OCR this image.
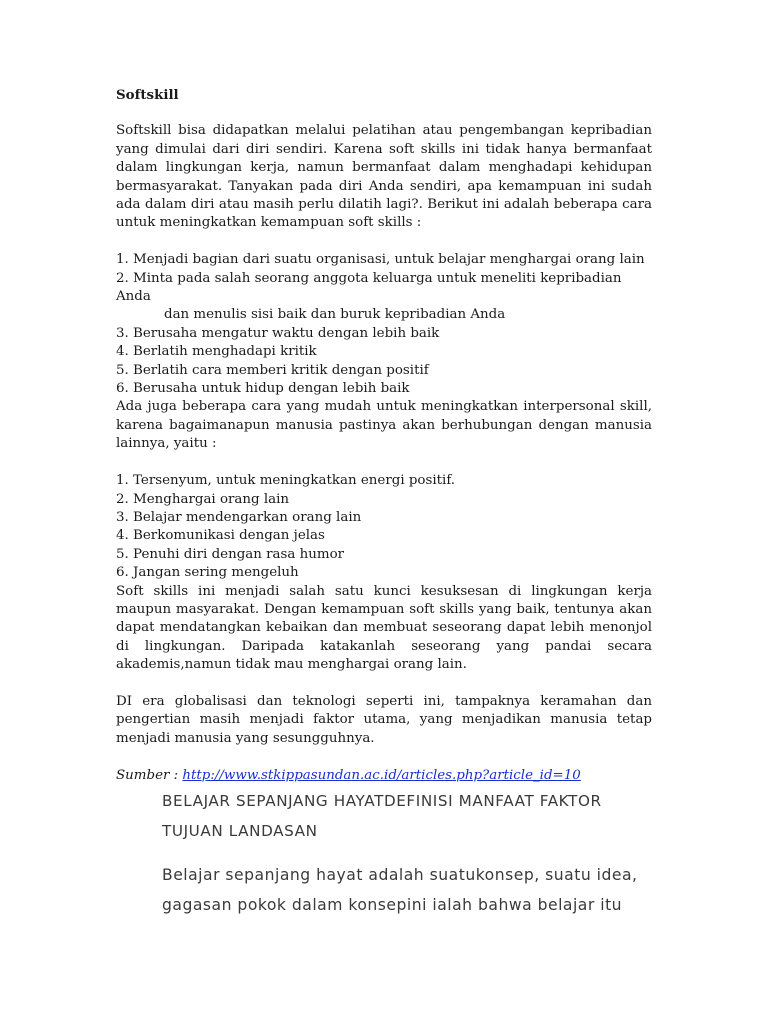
Softskill

Softskill bisa didapatkan melalui pelatihan atau pengembangan kepribadian yang dimulai dari diri sendiri. Karena soft skills ini tidak hanya bermanfaat dalam lingkungan kerja, namun bermanfaat dalam menghadapi kehidupan bermasyarakat. Tanyakan pada diri Anda sendiri, apa kemampuan ini sudah ada dalam diri atau masih perlu dilatih lagi?. Berikut ini adalah beberapa cara untuk meningkatkan kemampuan soft skills :

1. Menjadi bagian dari suatu organisasi, untuk belajar menghargai orang lain
2. Minta pada salah seorang anggota keluarga untuk meneliti kepribadian Anda
dan menulis sisi baik dan buruk kepribadian Anda
3. Berusaha mengatur waktu dengan lebih baik
4. Berlatih menghadapi kritik
5. Berlatih cara memberi kritik dengan positif
6. Berusaha untuk hidup dengan lebih baik

Ada juga beberapa cara yang mudah untuk meningkatkan interpersonal skill, karena bagaimanapun manusia pastinya akan berhubungan dengan manusia lainnya, yaitu :

1. Tersenyum, untuk meningkatkan energi positif.
2. Menghargai orang lain
3. Belajar mendengarkan orang lain
4. Berkomunikasi dengan jelas
5. Penuhi diri dengan rasa humor
6. Jangan sering mengeluh

Soft skills ini menjadi salah satu kunci kesuksesan di lingkungan kerja maupun masyarakat. Dengan kemampuan soft skills yang baik, tentunya akan dapat mendatangkan kebaikan dan membuat seseorang dapat lebih menonjol di lingkungan. Daripada katakanlah seseorang yang pandai secara akademis,namun tidak mau menghargai orang lain.

DI era globalisasi dan teknologi seperti ini, tampaknya keramahan dan pengertian masih menjadi faktor utama, yang menjadikan manusia tetap menjadi manusia yang sesungguhnya.

Sumber : http://www.stkippasundan.ac.id/articles.php?article_id=10

BELAJAR SEPANJANG HAYATDEFINISI MANFAAT FAKTOR TUJUAN LANDASAN

Belajar sepanjang hayat adalah suatukonsep, suatu idea, gagasan pokok dalam konsepini ialah bahwa belajar itu
